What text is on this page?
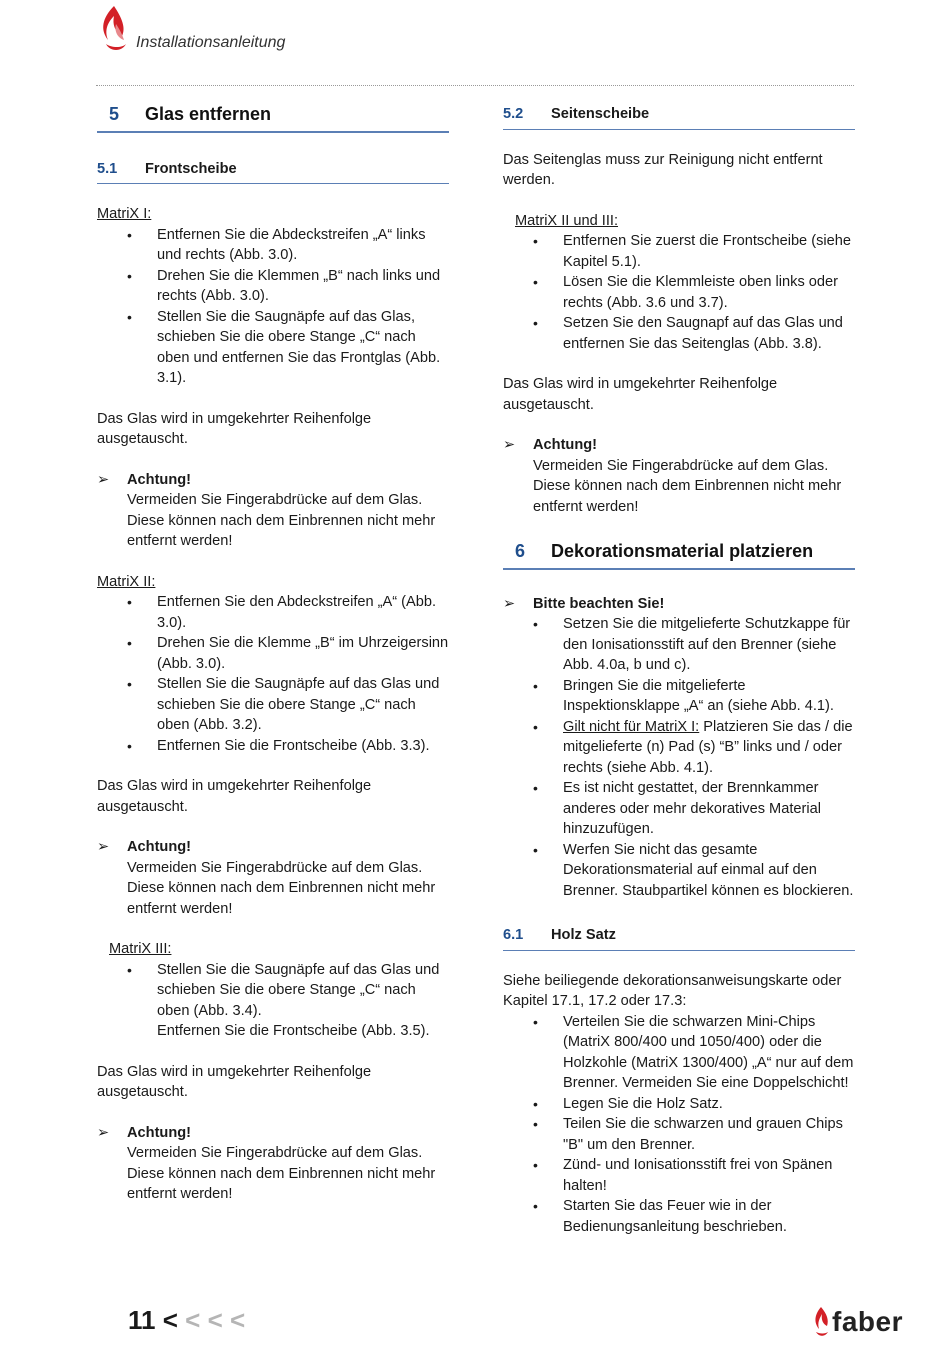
Installationsanleitung
5	Glas entfernen
5.1	Frontscheibe

MatriX I:

• Entfernen Sie die Abdeckstreifen „A“ links und rechts (Abb. 3.0).
• Drehen Sie die Klemmen „B“ nach links und rechts (Abb. 3.0).
• Stellen Sie die Saugnäpfe auf das Glas, schieben Sie die obere Stange „C“ nach oben und entfernen Sie das Frontglas (Abb. 3.1).

Das Glas wird in umgekehrter Reihenfolge ausgetauscht.

➢ Achtung!
Vermeiden Sie Fingerabdrücke auf dem Glas. Diese können nach dem Einbrennen nicht mehr entfernt werden!

MatriX II:

• Entfernen Sie den Abdeckstreifen „A“ (Abb. 3.0).
• Drehen Sie die Klemme „B“ im Uhrzeigersinn (Abb. 3.0).
• Stellen Sie die Saugnäpfe auf das Glas und schieben Sie die obere Stange „C“ nach oben (Abb. 3.2).
• Entfernen Sie die Frontscheibe (Abb. 3.3).

Das Glas wird in umgekehrter Reihenfolge ausgetauscht.

➢ Achtung!
Vermeiden Sie Fingerabdrücke auf dem Glas. Diese können nach dem Einbrennen nicht mehr entfernt werden!

MatriX III:

• Stellen Sie die Saugnäpfe auf das Glas und schieben Sie die obere Stange „C“ nach oben (Abb. 3.4).
Entfernen Sie die Frontscheibe (Abb. 3.5).

Das Glas wird in umgekehrter Reihenfolge ausgetauscht.

➢ Achtung!
Vermeiden Sie Fingerabdrücke auf dem Glas. Diese können nach dem Einbrennen nicht mehr entfernt werden!
5.2	Seitenscheibe

Das Seitenglas muss zur Reinigung nicht entfernt werden.

MatriX II und III:

• Entfernen Sie zuerst die Frontscheibe (siehe Kapitel 5.1).
• Lösen Sie die Klemmleiste oben links oder rechts (Abb. 3.6 und 3.7).
• Setzen Sie den Saugnapf auf das Glas und entfernen Sie das Seitenglas (Abb. 3.8).

Das Glas wird in umgekehrter Reihenfolge ausgetauscht.

➢ Achtung!
Vermeiden Sie Fingerabdrücke auf dem Glas. Diese können nach dem Einbrennen nicht mehr entfernt werden!
6	Dekorationsmaterial platzieren
➢ Bitte beachten Sie!
• Setzen Sie die mitgelieferte Schutzkappe für den Ionisationsstift auf den Brenner (siehe Abb. 4.0a, b und c).
• Bringen Sie die mitgelieferte Inspektionsklappe „A“ an (siehe Abb. 4.1).
• Gilt nicht für MatriX I: Platzieren Sie das / die mitgelieferte (n) Pad (s) “B” links und / oder rechts (siehe Abb. 4.1).
• Es ist nicht gestattet, der Brennkammer anderes oder mehr dekoratives Material hinzuzufügen.
• Werfen Sie nicht das gesamte Dekorationsmaterial auf einmal auf den Brenner. Staubpartikel können es blockieren.
6.1	Holz Satz

Siehe beiliegende dekorationsanweisungskarte oder Kapitel 17.1, 17.2 oder 17.3:

• Verteilen Sie die schwarzen Mini-Chips (MatriX 800/400 und 1050/400) oder die Holzkohle (MatriX 1300/400) „A“ nur auf dem Brenner. Vermeiden Sie eine Doppelschicht!
• Legen Sie die Holz Satz.
• Teilen Sie die schwarzen und grauen Chips "B" um den Brenner.
• Zünd- und Ionisationsstift frei von Spänen halten!
• Starten Sie das Feuer wie in der Bedienungsanleitung beschrieben.
11 < < < <	faber
